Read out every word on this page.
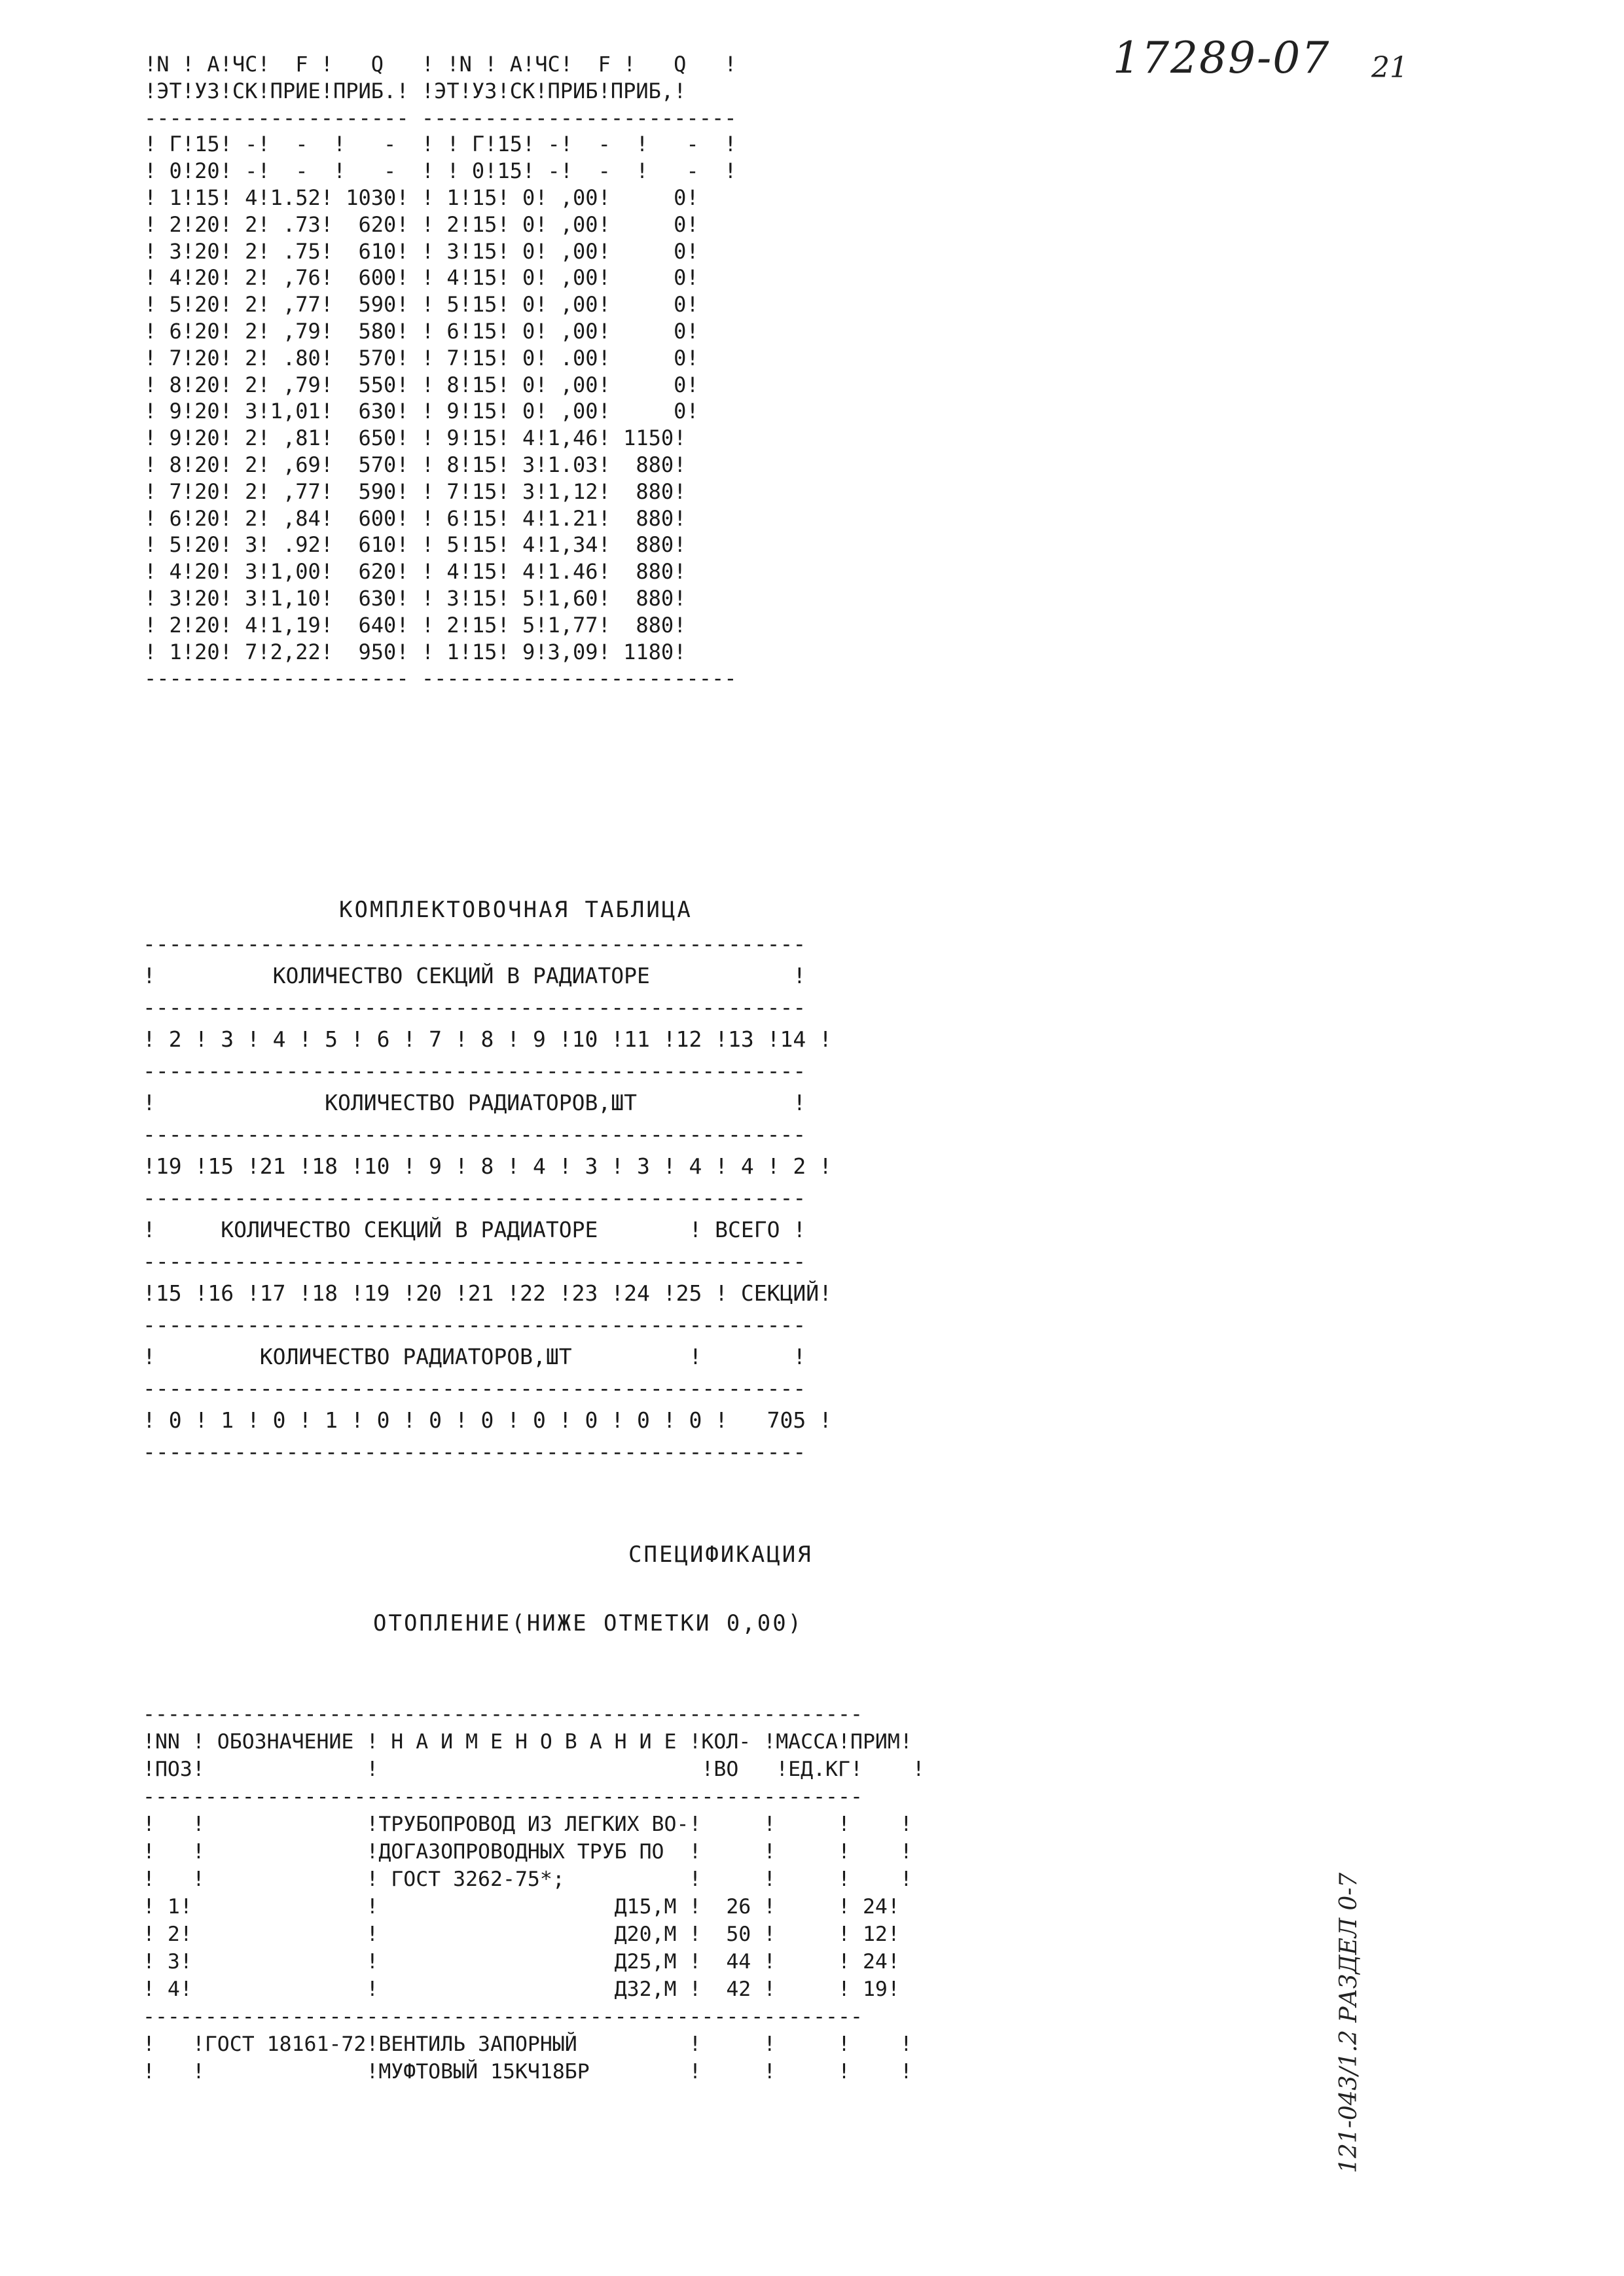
17289-07 21
!N ! A!ЧС!  F !   Q   ! !N ! A!ЧС!  F !   Q   !
!ЭТ!УЗ!СК!ПРИЕ!ПРИБ.! !ЭТ!УЗ!СК!ПРИБ!ПРИБ,!
--------------------- -------------------------
! Г!15! -!  -  !   -  ! ! Г!15! -!  -  !   -  !
! 0!20! -!  -  !   -  ! ! 0!15! -!  -  !   -  !
! 1!15! 4!1.52! 1030! ! 1!15! 0! ,00!     0!
! 2!20! 2! .73!  620! ! 2!15! 0! ,00!     0!
! 3!20! 2! .75!  610! ! 3!15! 0! ,00!     0!
! 4!20! 2! ,76!  600! ! 4!15! 0! ,00!     0!
! 5!20! 2! ,77!  590! ! 5!15! 0! ,00!     0!
! 6!20! 2! ,79!  580! ! 6!15! 0! ,00!     0!
! 7!20! 2! .80!  570! ! 7!15! 0! .00!     0!
! 8!20! 2! ,79!  550! ! 8!15! 0! ,00!     0!
! 9!20! 3!1,01!  630! ! 9!15! 0! ,00!     0!
! 9!20! 2! ,81!  650! ! 9!15! 4!1,46! 1150!
! 8!20! 2! ,69!  570! ! 8!15! 3!1.03!  880!
! 7!20! 2! ,77!  590! ! 7!15! 3!1,12!  880!
! 6!20! 2! ,84!  600! ! 6!15! 4!1.21!  880!
! 5!20! 3! .92!  610! ! 5!15! 4!1,34!  880!
! 4!20! 3!1,00!  620! ! 4!15! 4!1.46!  880!
! 3!20! 3!1,10!  630! ! 3!15! 5!1,60!  880!
! 2!20! 4!1,19!  640! ! 2!15! 5!1,77!  880!
! 1!20! 7!2,22!  950! ! 1!15! 9!3,09! 1180!
--------------------- -------------------------
КОМПЛЕКТОВОЧНАЯ ТАБЛИЦА
---------------------------------------------------
!         КОЛИЧЕСТВО СЕКЦИЙ В РАДИАТОРЕ           !
---------------------------------------------------
! 2 ! 3 ! 4 ! 5 ! 6 ! 7 ! 8 ! 9 !10 !11 !12 !13 !14 !
---------------------------------------------------
!             КОЛИЧЕСТВО РАДИАТОРОВ,ШТ            !
---------------------------------------------------
!19 !15 !21 !18 !10 ! 9 ! 8 ! 4 ! 3 ! 3 ! 4 ! 4 ! 2 !
---------------------------------------------------
!     КОЛИЧЕСТВО СЕКЦИЙ В РАДИАТОРЕ       ! ВСЕГО !
---------------------------------------------------
!15 !16 !17 !18 !19 !20 !21 !22 !23 !24 !25 ! СЕКЦИЙ!
---------------------------------------------------
!        КОЛИЧЕСТВО РАДИАТОРОВ,ШТ         !       !
---------------------------------------------------
! 0 ! 1 ! 0 ! 1 ! 0 ! 0 ! 0 ! 0 ! 0 ! 0 ! 0 !   705 !
---------------------------------------------------
СПЕЦИФИКАЦИЯ
ОТОПЛЕНИЕ(НИЖЕ ОТМЕТКИ 0,00)
----------------------------------------------------------
!NN ! ОБОЗНАЧЕНИЕ ! Н А И М Е Н О В А Н И Е !КОЛ- !МАССА!ПРИМ!
!ПОЗ!             !                          !ВО   !ЕД.КГ!    !
----------------------------------------------------------
!   !             !ТРУБОПРОВОД ИЗ ЛЕГКИХ ВО-!     !     !    !
!   !             !ДОГАЗОПРОВОДНЫХ ТРУБ ПО  !     !     !    !
!   !             ! ГОСТ 3262-75*;          !     !     !    !
! 1!              !                   Д15,М !  26 !     ! 24!
! 2!              !                   Д20,М !  50 !     ! 12!
! 3!              !                   Д25,М !  44 !     ! 24!
! 4!              !                   Д32,М !  42 !     ! 19!
----------------------------------------------------------
!   !ГОСТ 18161-72!ВЕНТИЛЬ ЗАПОРНЫЙ         !     !     !    !
!   !             !МУФТОВЫЙ 15КЧ18БР        !     !     !    !	121-043/1.2 РАЗДЕЛ 0-7
